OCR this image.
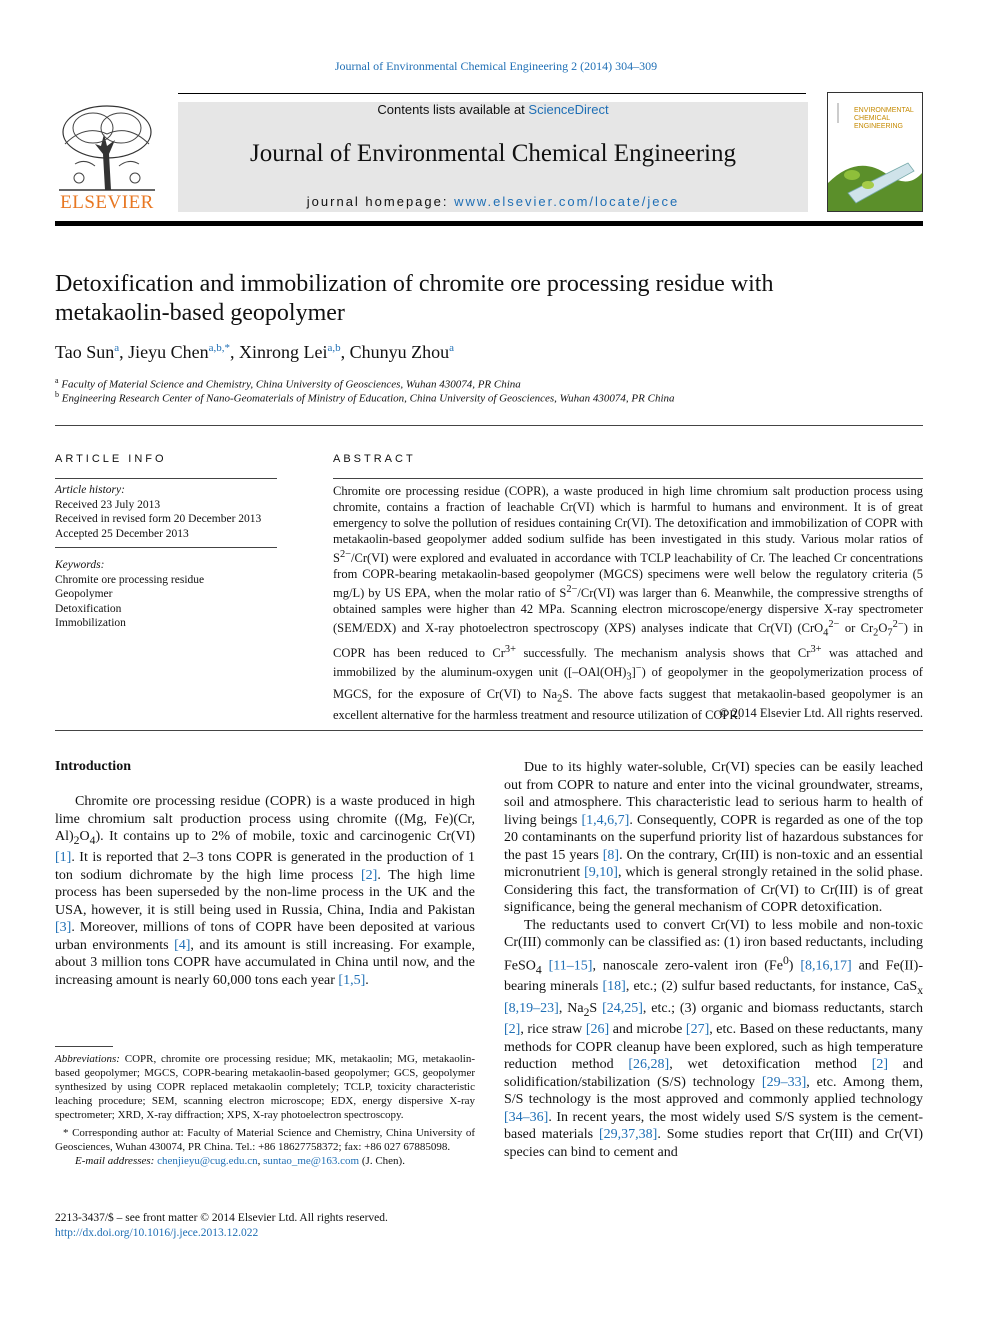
Journal of Environmental Chemical Engineering 2 (2014) 304–309
ELSEVIER
Contents lists available at ScienceDirect
Journal of Environmental Chemical Engineering
journal homepage: www.elsevier.com/locate/jece
ENVIRONMENTAL
CHEMICAL
ENGINEERING
Detoxification and immobilization of chromite ore processing residue with
metakaolin-based geopolymer
Tao Sun$^a$, Jieyu Chen$^{a,b,*}$, Xinrong Lei$^{a,b}$, Chunyu Zhou$^a$
$^a$ Faculty of Material Science and Chemistry, China University of Geosciences, Wuhan 430074, PR China
$^b$ Engineering Research Center of Nano-Geomaterials of Ministry of Education, China University of Geosciences, Wuhan 430074, PR China
ARTICLE INFO
Article history:
Received 23 July 2013
Received in revised form 20 December 2013
Accepted 25 December 2013
Keywords:
Chromite ore processing residue
Geopolymer
Detoxification
Immobilization
ABSTRACT
Chromite ore processing residue (COPR), a waste produced in high lime chromium salt production process using chromite, contains a fraction of leachable Cr(VI) which is harmful to humans and environment. It is of great emergency to solve the pollution of residues containing Cr(VI). The detoxification and immobilization of COPR with metakaolin-based geopolymer added sodium sulfide has been investigated in this study. Various molar ratios of $S^{2-}/Cr(VI)$ were explored and evaluated in accordance with TCLP leachability of Cr. The leached Cr concentrations from COPR-bearing metakaolin-based geopolymer (MGCS) specimens were well below the regulatory criteria (5 mg/L) by US EPA, when the molar ratio of $S^{2-}/Cr(VI)$ was larger than 6. Meanwhile, the compressive strengths of obtained samples were higher than 42 MPa. Scanning electron microscope/energy dispersive X-ray spectrometer (SEM/EDX) and X-ray photoelectron spectroscopy (XPS) analyses indicate that Cr(VI) (CrO$_4^{2-}$ or $Cr_2O_7^{2-}$) in COPR has been reduced to $Cr^{3+}$ successfully. The mechanism analysis shows that $Cr^{3+}$ was attached and immobilized by the aluminum-oxygen unit $([-OAl(OH)_3]^-)$ of geopolymer in the geopolymerization process of MGCS, for the exposure of Cr(VI) to $Na_2S$. The above facts suggest that metakaolin-based geopolymer is an excellent alternative for the harmless treatment and resource utilization of COPR.
© 2014 Elsevier Ltd. All rights reserved.
Introduction

Chromite ore processing residue (COPR) is a waste produced in high lime chromium salt production process using chromite ((Mg, Fe)(Cr, $Al)_2O_4$). It contains up to 2% of mobile, toxic and carcinogenic Cr(VI) [1]. It is reported that 2–3 tons COPR is generated in the production of 1 ton sodium dichromate by the high lime process [2]. The high lime process has been superseded by the non-lime process in the UK and the USA, however, it is still being used in Russia, China, India and Pakistan [3]. Moreover, millions of tons of COPR have been deposited at various urban environments [4], and its amount is still increasing. For example, about 3 million tons COPR have accumulated in China until now, and the increasing amount is nearly 60,000 tons each year [1,5].

Abbreviations: COPR, chromite ore processing residue; MK, metakaolin; MG, metakaolin-based geopolymer; MGCS, COPR-bearing metakaolin-based geopolymer; GCS, geopolymer synthesized by using COPR replaced metakaolin completely; TCLP, toxicity characteristic leaching procedure; SEM, scanning electron microscope; EDX, energy dispersive X-ray spectrometer; XRD, X-ray diffraction; XPS, X-ray photoelectron spectroscopy.

* Corresponding author at: Faculty of Material Science and Chemistry, China University of Geosciences, Wuhan 430074, PR China. Tel.: +86 18627758372; fax: +86 027 67885098.

E-mail addresses: chenjieyu@cug.edu.cn, suntao_me@163.com (J. Chen).

2213-3437/$ – see front matter © 2014 Elsevier Ltd. All rights reserved.
http://dx.doi.org/10.1016/j.jece.2013.12.022

Due to its highly water-soluble, Cr(VI) species can be easily leached out from COPR to nature and enter into the vicinal groundwater, streams, soil and atmosphere. This characteristic lead to serious harm to health of living beings [1,4,6,7]. Consequently, COPR is regarded as one of the top 20 contaminants on the superfund priority list of hazardous substances for the past 15 years [8]. On the contrary, Cr(III) is non-toxic and an essential micronutrient [9,10], which is general strongly retained in the solid phase. Considering this fact, the transformation of Cr(VI) to Cr(III) is of great significance, being the general mechanism of COPR detoxification.

The reductants used to convert Cr(VI) to less mobile and non-toxic Cr(III) commonly can be classified as: (1) iron based reductants, including FeSO$_4$ [11–15], nanoscale zero-valent iron (Fe$^0$) [8,16,17] and Fe(II)-bearing minerals [18], etc.; (2) sulfur based reductants, for instance, CaS$_x$ [8,19–23], $Na_2S$ [24,25], etc.; (3) organic and biomass reductants, starch [2], rice straw [26] and microbe [27], etc. Based on these reductants, many methods for COPR cleanup have been explored, such as high temperature reduction method [26,28], wet detoxification method [2] and solidification/stabilization (S/S) technology [29–33], etc. Among them, S/S technology is the most approved and commonly applied technology [34–36]. In recent years, the most widely used S/S system is the cement-based materials [29,37,38]. Some studies report that Cr(III) and Cr(VI) species can bind to cement and
